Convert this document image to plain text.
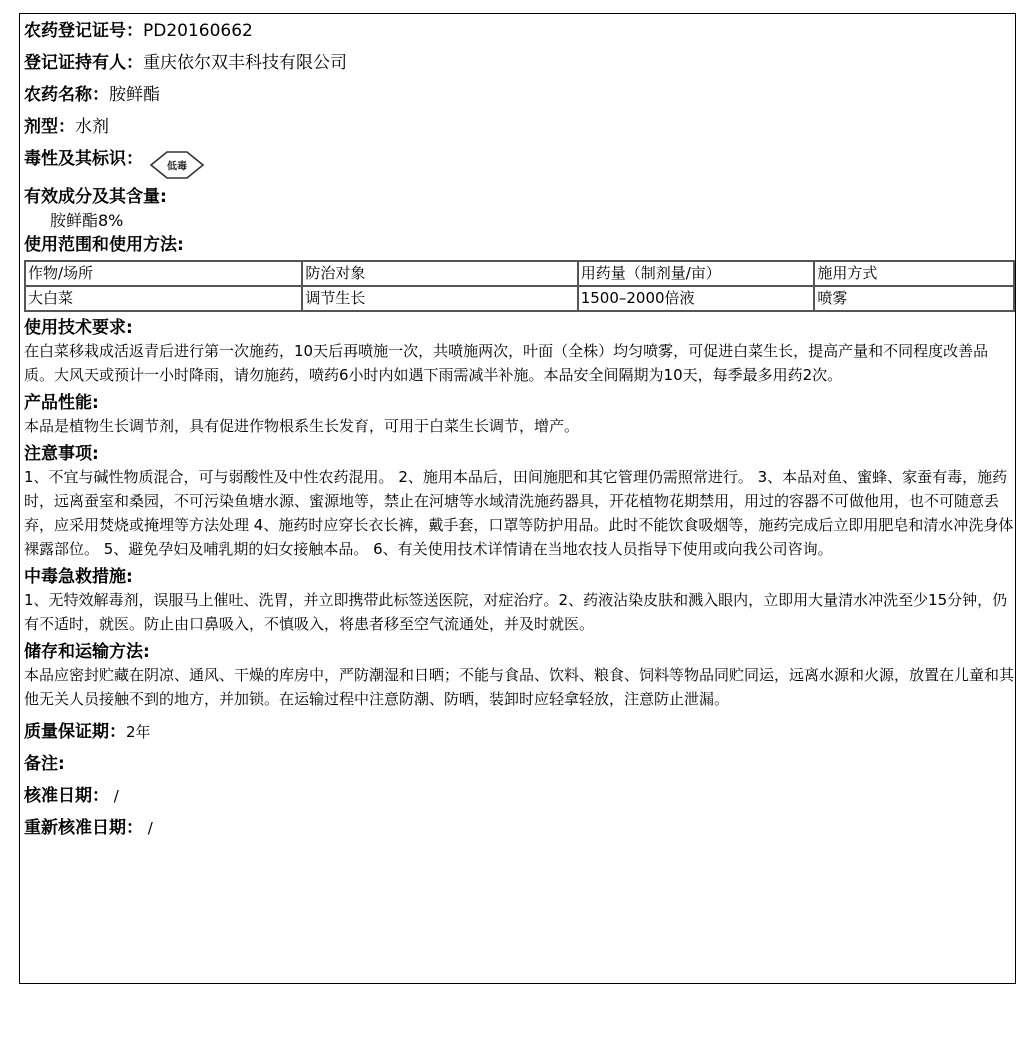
农药登记证号：PD20160662
登记证持有人：重庆依尔双丰科技有限公司
农药名称：胺鲜酯
剂型：水剂
毒性及其标识： 低毒
有效成分及其含量:
胺鲜酯8%
使用范围和使用方法:
作物/场所	防治对象	用药量（制剂量/亩）	施用方式
大白菜	调节生长	1500–2000倍液	喷雾
使用技术要求:
在白菜移栽成活返青后进行第一次施药，10天后再喷施一次，共喷施两次，叶面（全株）均匀喷雾，可促进白菜生长，提高产量和不同程度改善品质。大风天或预计一小时降雨，请勿施药，喷药6小时内如遇下雨需减半补施。本品安全间隔期为10天，每季最多用药2次。
产品性能:
本品是植物生长调节剂，具有促进作物根系生长发育，可用于白菜生长调节，增产。
注意事项:
1、不宜与碱性物质混合，可与弱酸性及中性农药混用。 2、施用本品后，田间施肥和其它管理仍需照常进行。 3、本品对鱼、蜜蜂、家蚕有毒，施药时，远离蚕室和桑园，不可污染鱼塘水源、蜜源地等，禁止在河塘等水域清洗施药器具，开花植物花期禁用，用过的容器不可做他用，也不可随意丢弃，应采用焚烧或掩埋等方法处理 4、施药时应穿长衣长裤，戴手套，口罩等防护用品。此时不能饮食吸烟等，施药完成后立即用肥皂和清水冲洗身体裸露部位。 5、避免孕妇及哺乳期的妇女接触本品。 6、有关使用技术详情请在当地农技人员指导下使用或向我公司咨询。
中毒急救措施:
1、无特效解毒剂，误服马上催吐、洗胃，并立即携带此标签送医院，对症治疗。2、药液沾染皮肤和溅入眼内，立即用大量清水冲洗至少15分钟，仍有不适时，就医。防止由口鼻吸入，不慎吸入，将患者移至空气流通处，并及时就医。
储存和运输方法:
本品应密封贮藏在阴凉、通风、干燥的库房中，严防潮湿和日晒；不能与食品、饮料、粮食、饲料等物品同贮同运，远离水源和火源，放置在儿童和其他无关人员接触不到的地方，并加锁。在运输过程中注意防潮、防晒，装卸时应轻拿轻放，注意防止泄漏。
质量保证期：2年
备注:
核准日期： /
重新核准日期： /
